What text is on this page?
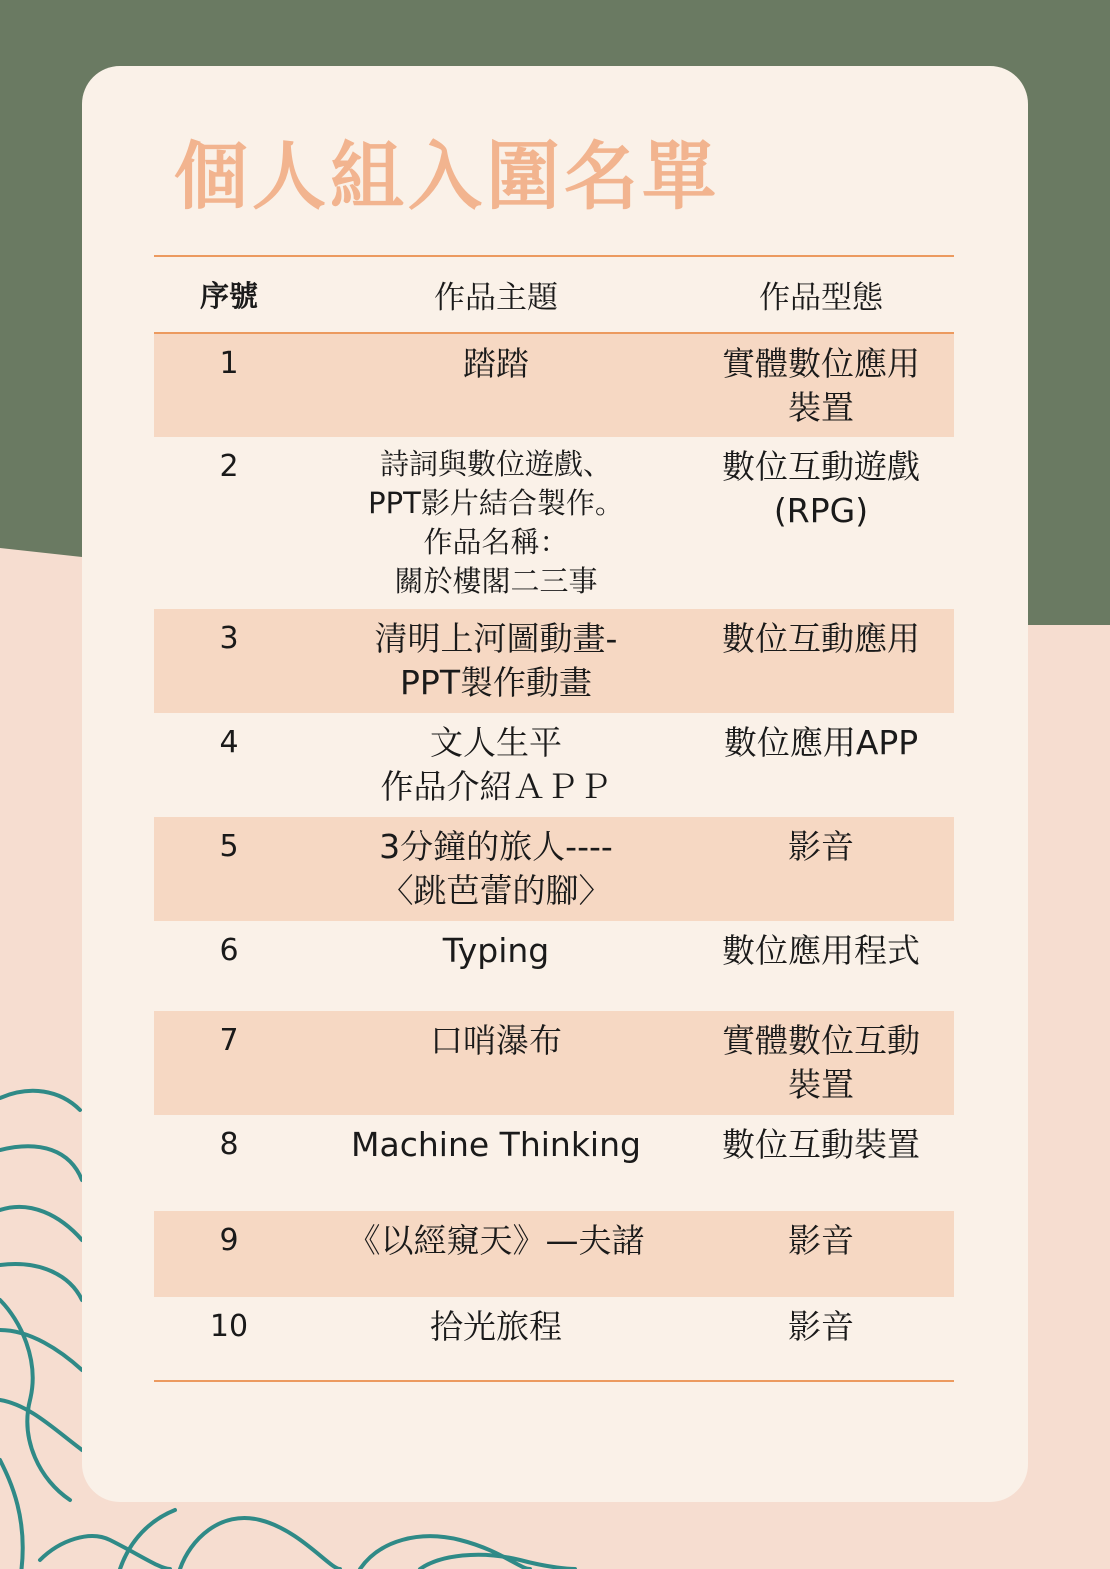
個人組入圍名單
序號	作品主題	作品型態
1	踏踏	實體數位應用
裝置
2	詩詞與數位遊戲、
PPT影片結合製作。
作品名稱：
關於樓閣二三事	數位互動遊戲
(RPG)
3	清明上河圖動畫-
PPT製作動畫	數位互動應用
4	文人生平
作品介紹ＡＰＰ	數位應用APP
5	3分鐘的旅人----
〈跳芭蕾的腳〉	影音
6	Typing	數位應用程式
7	口哨瀑布	實體數位互動
裝置
8	Machine Thinking	數位互動裝置
9	《以經窺天》—夫諸	影音
10	拾光旅程	影音
